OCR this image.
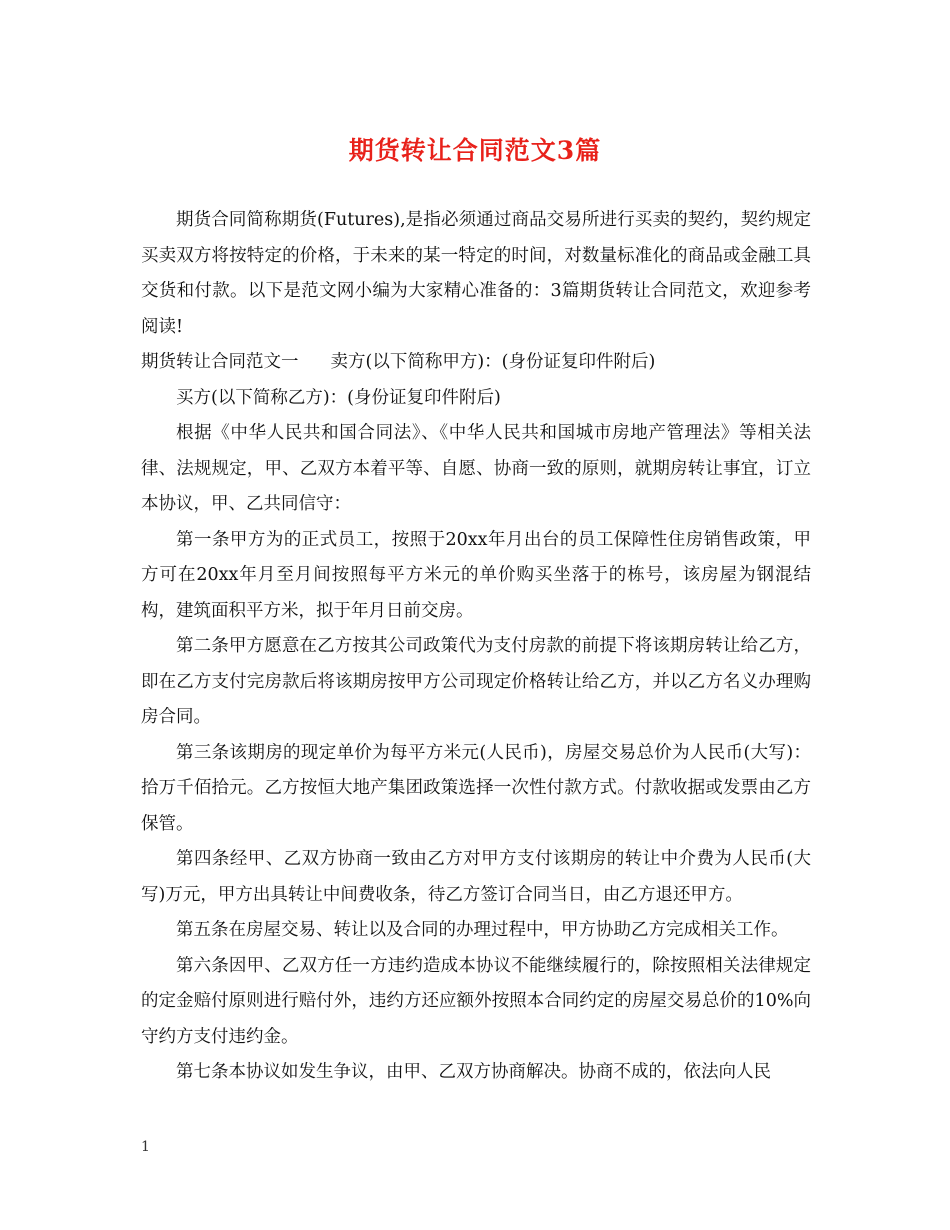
期货转让合同范文3篇

期货合同简称期货(Futures),是指必须通过商品交易所进行买卖的契约，契约规定买卖双方将按特定的价格，于未来的某一特定的时间，对数量标准化的商品或金融工具交货和付款。以下是范文网小编为大家精心准备的：3篇期货转让合同范文，欢迎参考阅读!

期货转让合同范文一 卖方(以下简称甲方)：(身份证复印件附后)

买方(以下简称乙方)：(身份证复印件附后)

根据《中华人民共和国合同法》、《中华人民共和国城市房地产管理法》等相关法律、法规规定，甲、乙双方本着平等、自愿、协商一致的原则，就期房转让事宜，订立本协议，甲、乙共同信守：

第一条甲方为的正式员工，按照于20xx年月出台的员工保障性住房销售政策，甲方可在20xx年月至月间按照每平方米元的单价购买坐落于的栋号，该房屋为钢混结构，建筑面积平方米，拟于年月日前交房。

第二条甲方愿意在乙方按其公司政策代为支付房款的前提下将该期房转让给乙方，即在乙方支付完房款后将该期房按甲方公司现定价格转让给乙方，并以乙方名义办理购房合同。

第三条该期房的现定单价为每平方米元(人民币)，房屋交易总价为人民币(大写)：拾万千佰拾元。乙方按恒大地产集团政策选择一次性付款方式。付款收据或发票由乙方保管。

第四条经甲、乙双方协商一致由乙方对甲方支付该期房的转让中介费为人民币(大写)万元，甲方出具转让中间费收条，待乙方签订合同当日，由乙方退还甲方。

第五条在房屋交易、转让以及合同的办理过程中，甲方协助乙方完成相关工作。

第六条因甲、乙双方任一方违约造成本协议不能继续履行的，除按照相关法律规定的定金赔付原则进行赔付外，违约方还应额外按照本合同约定的房屋交易总价的10%向守约方支付违约金。

第七条本协议如发生争议，由甲、乙双方协商解决。协商不成的，依法向人民

1
